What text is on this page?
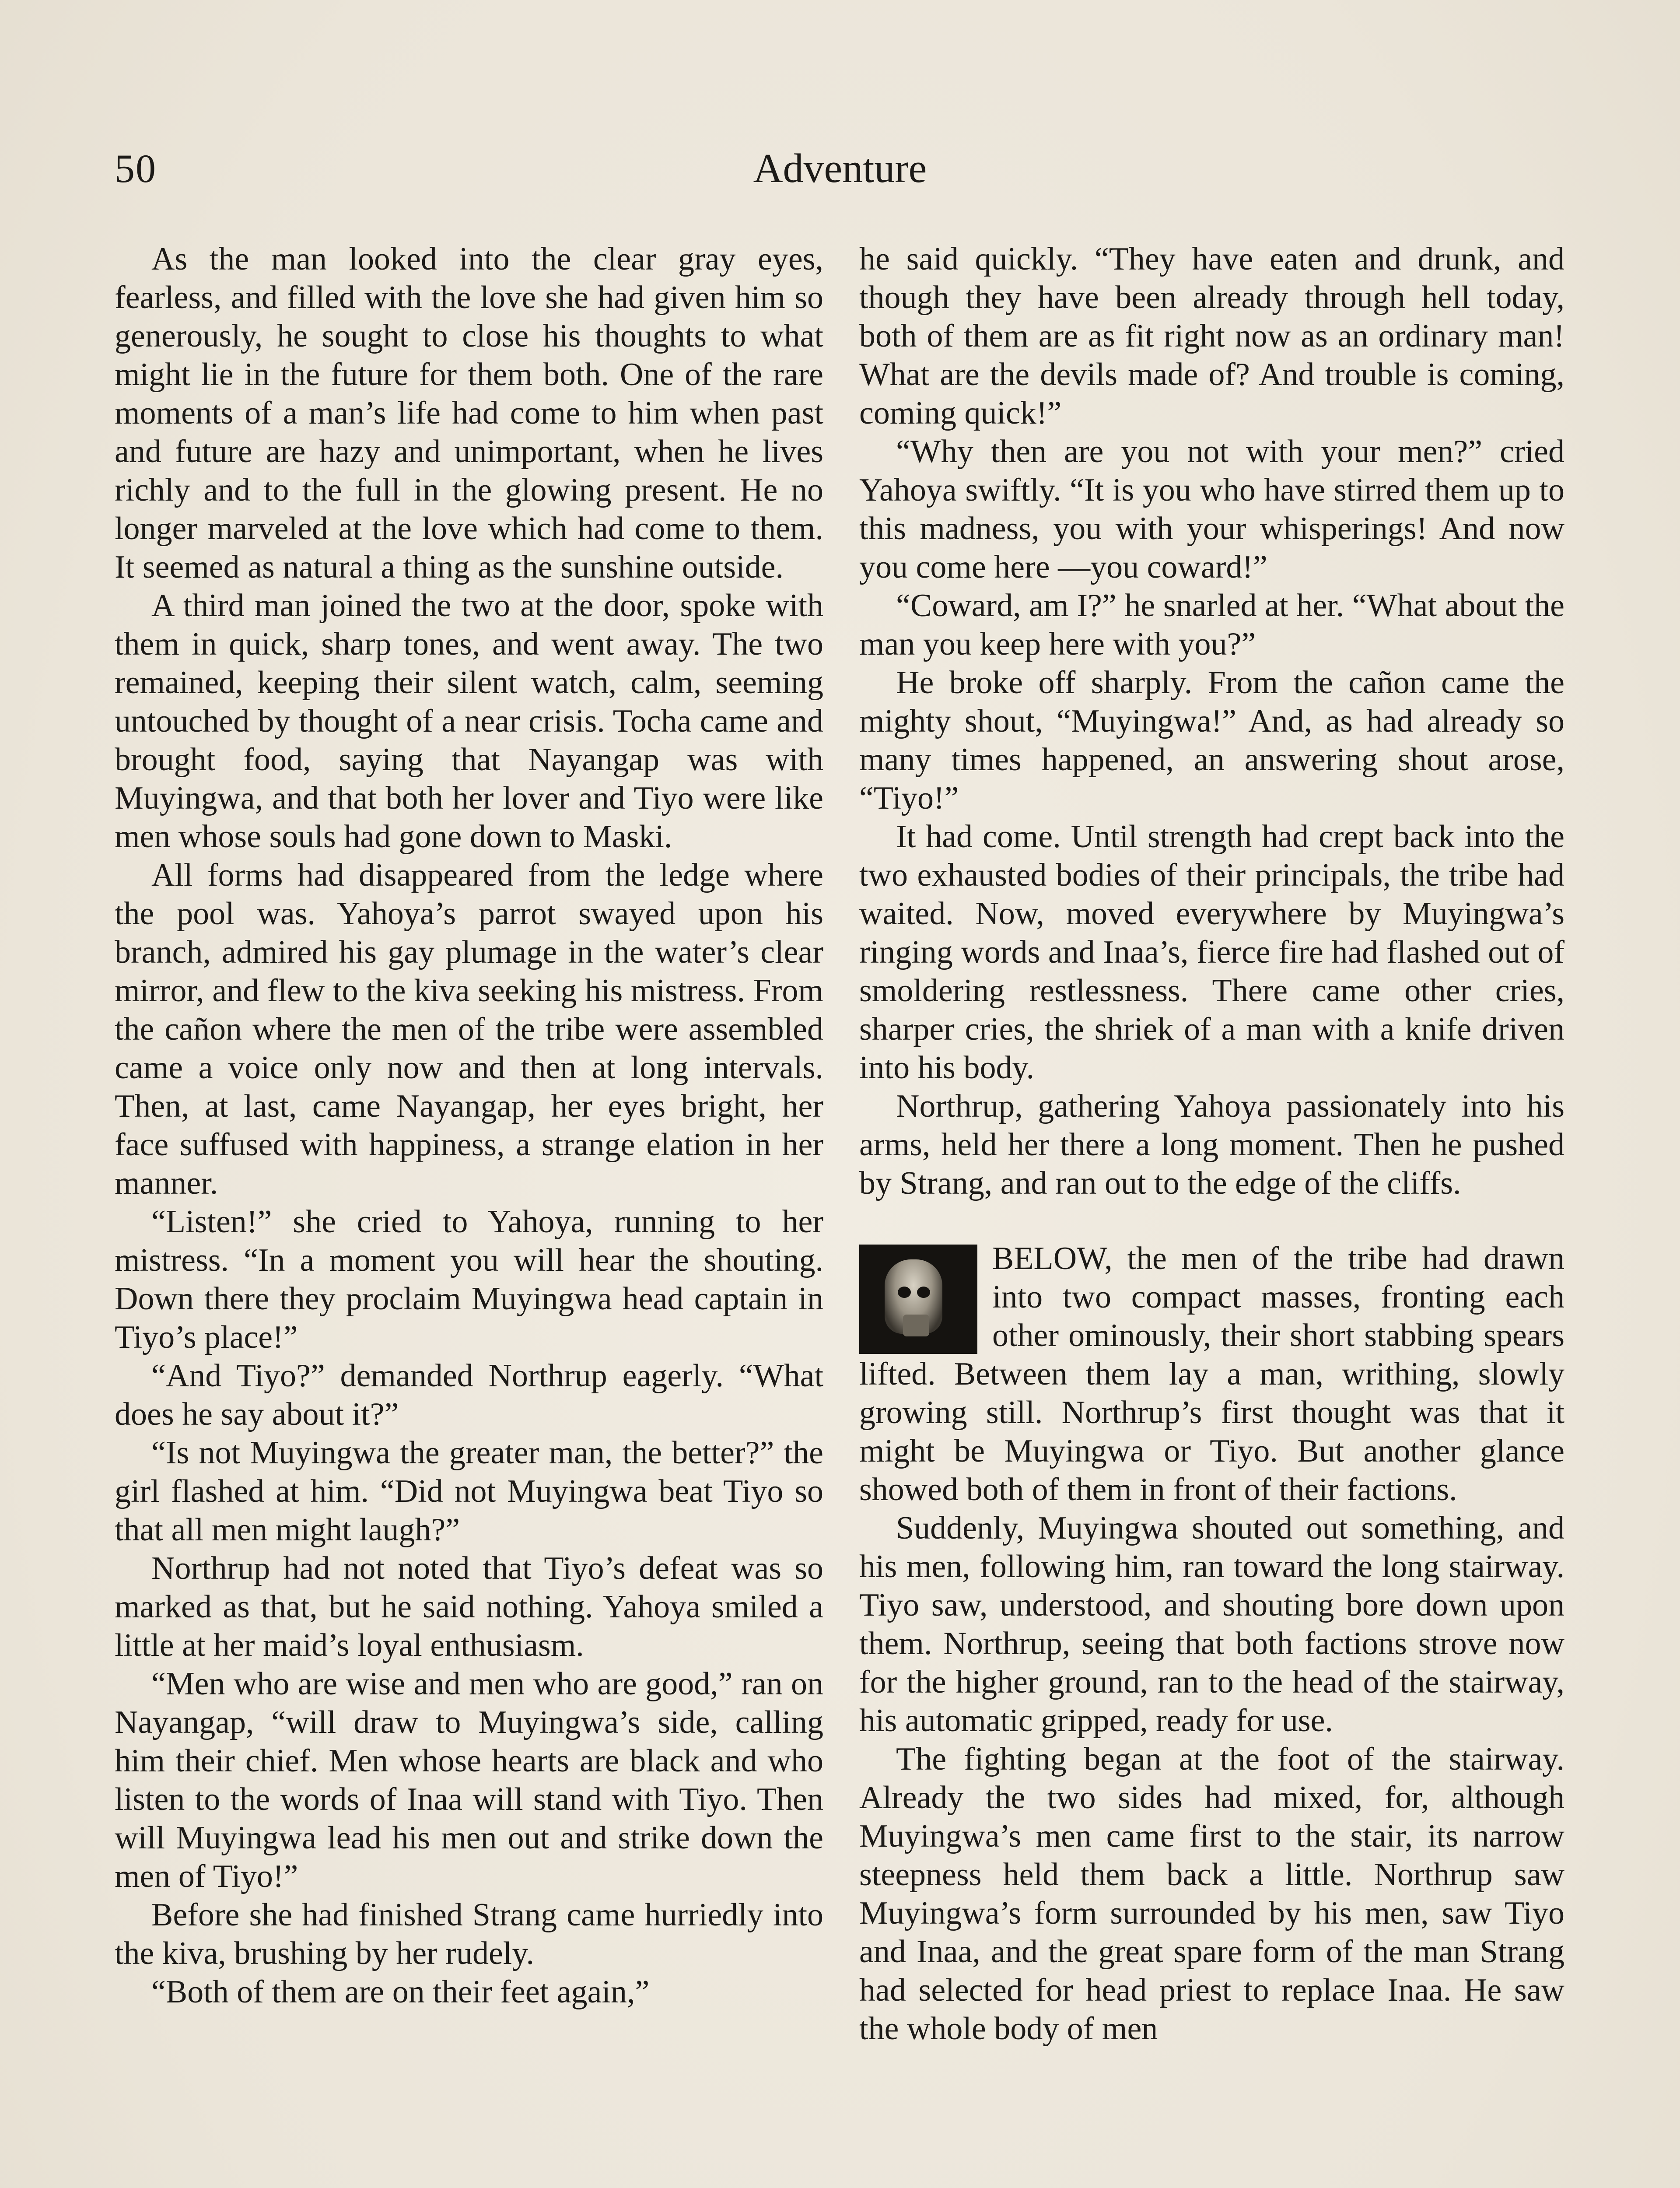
50	Adventure

As the man looked into the clear gray eyes, fearless, and filled with the love she had given him so generously, he sought to close his thoughts to what might lie in the future for them both. One of the rare moments of a man’s life had come to him when past and future are hazy and unimportant, when he lives richly and to the full in the glowing present. He no longer marveled at the love which had come to them. It seemed as natural a thing as the sunshine outside.

A third man joined the two at the door, spoke with them in quick, sharp tones, and went away. The two remained, keeping their silent watch, calm, seeming untouched by thought of a near crisis. Tocha came and brought food, saying that Nayangap was with Muyingwa, and that both her lover and Tiyo were like men whose souls had gone down to Maski.

All forms had disappeared from the ledge where the pool was. Yahoya’s parrot swayed upon his branch, admired his gay plumage in the water’s clear mirror, and flew to the kiva seeking his mistress. From the cañon where the men of the tribe were assembled came a voice only now and then at long intervals. Then, at last, came Nayangap, her eyes bright, her face suffused with happiness, a strange elation in her manner.

“Listen!” she cried to Yahoya, running to her mistress. “In a moment you will hear the shouting. Down there they proclaim Muyingwa head captain in Tiyo’s place!”

“And Tiyo?” demanded Northrup eagerly. “What does he say about it?”

“Is not Muyingwa the greater man, the better?” the girl flashed at him. “Did not Muyingwa beat Tiyo so that all men might laugh?”

Northrup had not noted that Tiyo’s defeat was so marked as that, but he said nothing. Yahoya smiled a little at her maid’s loyal enthusiasm.

“Men who are wise and men who are good,” ran on Nayangap, “will draw to Muyingwa’s side, calling him their chief. Men whose hearts are black and who listen to the words of Inaa will stand with Tiyo. Then will Muyingwa lead his men out and strike down the men of Tiyo!”

Before she had finished Strang came hurriedly into the kiva, brushing by her rudely.

“Both of them are on their feet again,”

he said quickly. “They have eaten and drunk, and though they have been already through hell today, both of them are as fit right now as an ordinary man! What are the devils made of? And trouble is coming, coming quick!”

“Why then are you not with your men?” cried Yahoya swiftly. “It is you who have stirred them up to this madness, you with your whisperings! And now you come here —you coward!”

“Coward, am I?” he snarled at her. “What about the man you keep here with you?”

He broke off sharply. From the cañon came the mighty shout, “Muyingwa!” And, as had already so many times happened, an answering shout arose, “Tiyo!”

It had come. Until strength had crept back into the two exhausted bodies of their principals, the tribe had waited. Now, moved everywhere by Muyingwa’s ringing words and Inaa’s, fierce fire had flashed out of smoldering restlessness. There came other cries, sharper cries, the shriek of a man with a knife driven into his body.

Northrup, gathering Yahoya passionately into his arms, held her there a long moment. Then he pushed by Strang, and ran out to the edge of the cliffs.

BELOW, the men of the tribe had drawn into two compact masses, fronting each other ominously, their short stabbing spears lifted. Between them lay a man, writhing, slowly growing still. Northrup’s first thought was that it might be Muyingwa or Tiyo. But another glance showed both of them in front of their factions.

Suddenly, Muyingwa shouted out something, and his men, following him, ran toward the long stairway. Tiyo saw, understood, and shouting bore down upon them. Northrup, seeing that both factions strove now for the higher ground, ran to the head of the stairway, his automatic gripped, ready for use.

The fighting began at the foot of the stairway. Already the two sides had mixed, for, although Muyingwa’s men came first to the stair, its narrow steepness held them back a little. Northrup saw Muyingwa’s form surrounded by his men, saw Tiyo and Inaa, and the great spare form of the man Strang had selected for head priest to replace Inaa. He saw the whole body of men
